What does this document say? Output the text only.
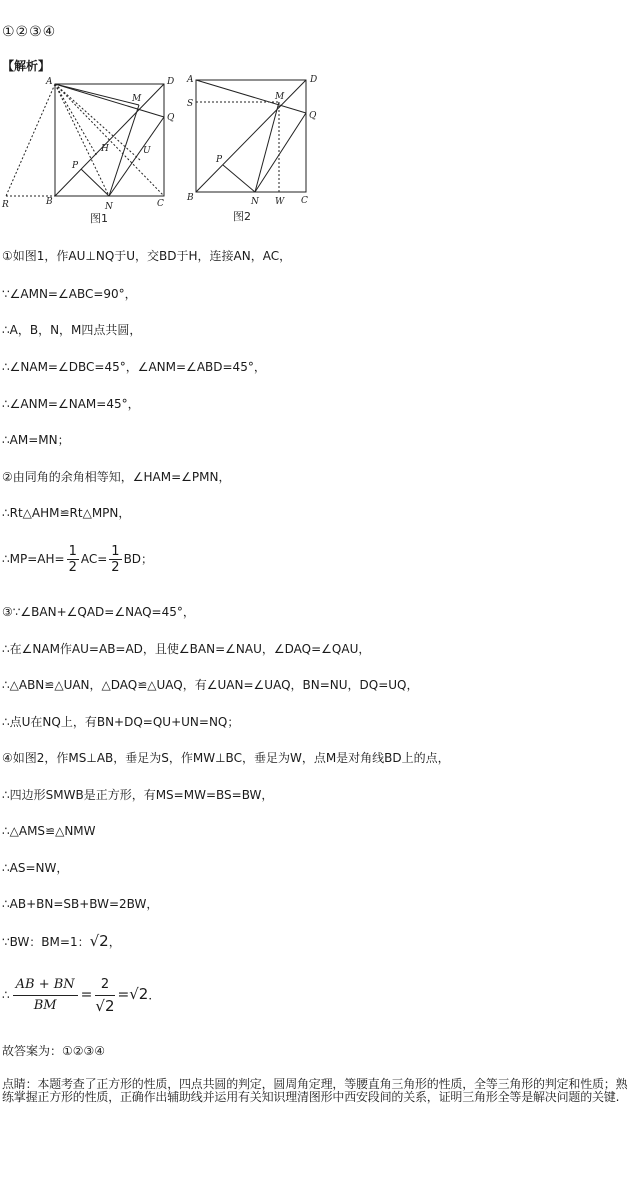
①②③④
【解析】
A	D
M
Q
P
H	U
R	B	N	C
图1
A	D
S
M
Q
P
B	N W C
图2
①如图1，作AU⊥NQ于U，交BD于H，连接AN，AC，
∵∠AMN=∠ABC=90°，
∴A，B，N，M四点共圆，
∴∠NAM=∠DBC=45°，∠ANM=∠ABD=45°，
∴∠ANM=∠NAM=45°，
∴AM=MN；
②由同角的余角相等知，∠HAM=∠PMN，
∴Rt△AHM≌Rt△MPN，
∴MP=AH= $\frac{1}{2} AC= \frac{1}{2}$ BD；
③∵∠BAN+∠QAD=∠NAQ=45°，
∴在∠NAM作AU=AB=AD，且使∠BAN=∠NAU，∠DAQ=∠QAU，
∴△ABN≌△UAN，△DAQ≌△UAQ，有∠UAN=∠UAQ，BN=NU，DQ=UQ，
∴点U在NQ上，有BN+DQ=QU+UN=NQ；
④如图2，作MS⊥AB，垂足为S，作MW⊥BC，垂足为W，点M是对角线BD上的点，
∴四边形SMWB是正方形，有MS=MW=BS=BW，
∴△AMS≌△NMW
∴AS=NW，
∴AB+BN=SB+BW=2BW，
∵BW：BM=1：√2，
∴ $\frac{AB + BN}{BM} = \frac{2}{√2} =√2$．
故答案为：①②③④
点睛：本题考查了正方形的性质，四点共圆的判定，圆周角定理，等腰直角三角形的性质，全等三角形的判定和性质；熟练掌握正方形的性质，正确作出辅助线并运用有关知识理清图形中西安段间的关系，证明三角形全等是解决问题的关键.
